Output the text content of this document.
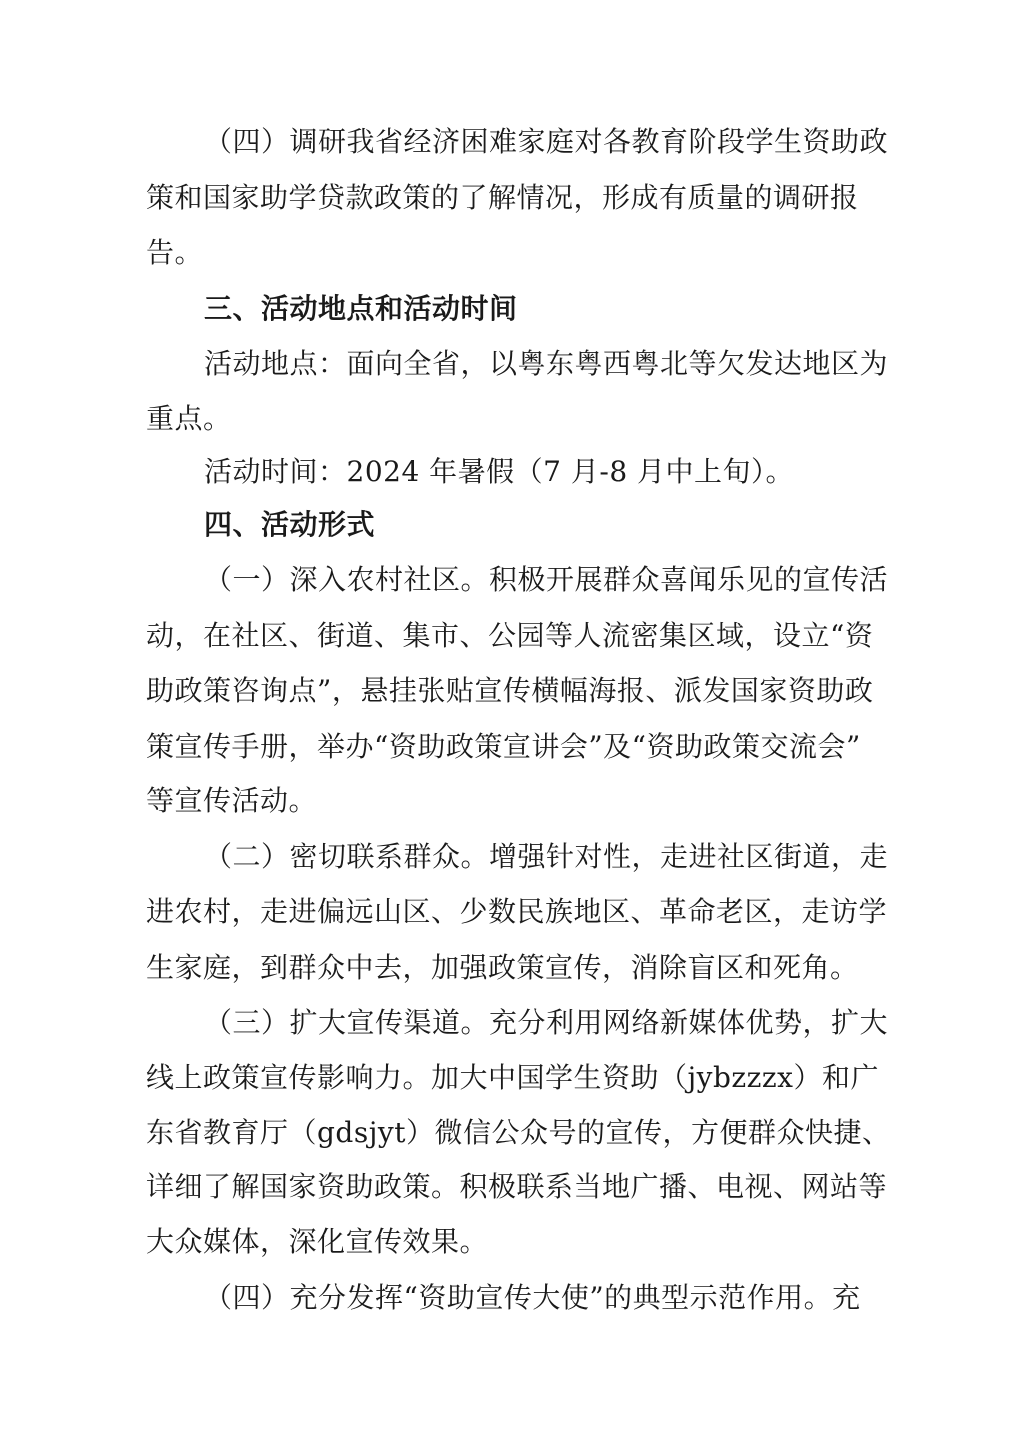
（四）调研我省经济困难家庭对各教育阶段学生资助政
策和国家助学贷款政策的了解情况，形成有质量的调研报
告。
三、活动地点和活动时间
活动地点：面向全省，以粤东粤西粤北等欠发达地区为
重点。
活动时间：2024 年暑假（7 月-8 月中上旬）。
四、活动形式
（一）深入农村社区。积极开展群众喜闻乐见的宣传活
动，在社区、街道、集市、公园等人流密集区域，设立“资
助政策咨询点”，悬挂张贴宣传横幅海报、派发国家资助政
策宣传手册，举办“资助政策宣讲会”及“资助政策交流会”
等宣传活动。
（二）密切联系群众。增强针对性，走进社区街道，走
进农村，走进偏远山区、少数民族地区、革命老区，走访学
生家庭，到群众中去，加强政策宣传，消除盲区和死角。
（三）扩大宣传渠道。充分利用网络新媒体优势，扩大
线上政策宣传影响力。加大中国学生资助（jybzzzx）和广
东省教育厅（gdsjyt）微信公众号的宣传，方便群众快捷、
详细了解国家资助政策。积极联系当地广播、电视、网站等
大众媒体，深化宣传效果。
（四）充分发挥“资助宣传大使”的典型示范作用。充
